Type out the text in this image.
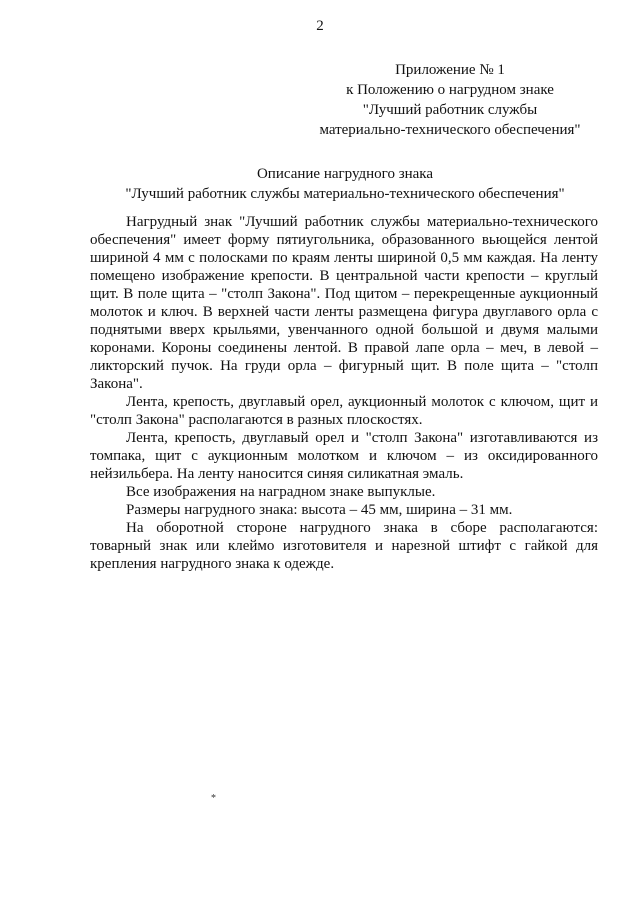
2
Приложение № 1
к Положению о нагрудном знаке
"Лучший работник службы
материально-технического обеспечения"
Описание нагрудного знака
"Лучший работник службы материально-технического обеспечения"

Нагрудный знак "Лучший работник службы материально-технического обеспечения" имеет форму пятиугольника, образованного вьющейся лентой шириной 4 мм с полосками по краям ленты шириной 0,5 мм каждая. На ленту помещено изображение крепости. В центральной части крепости – круглый щит. В поле щита – "столп Закона". Под щитом – перекрещенные аукционный молоток и ключ. В верхней части ленты размещена фигура двуглавого орла с поднятыми вверх крыльями, увенчанного одной большой и двумя малыми коронами. Короны соединены лентой. В правой лапе орла – меч, в левой – ликторский пучок. На груди орла – фигурный щит. В поле щита – "столп Закона".

Лента, крепость, двуглавый орел, аукционный молоток с ключом, щит и "столп Закона" располагаются в разных плоскостях.

Лента, крепость, двуглавый орел и "столп Закона" изготавливаются из томпака, щит с аукционным молотком и ключом – из оксидированного нейзильбера. На ленту наносится синяя силикатная эмаль.

Все изображения на наградном знаке выпуклые.

Размеры нагрудного знака: высота – 45 мм, ширина – 31 мм.

На оборотной стороне нагрудного знака в сборе располагаются: товарный знак или клеймо изготовителя и нарезной штифт с гайкой для крепления нагрудного знака к одежде.

*
